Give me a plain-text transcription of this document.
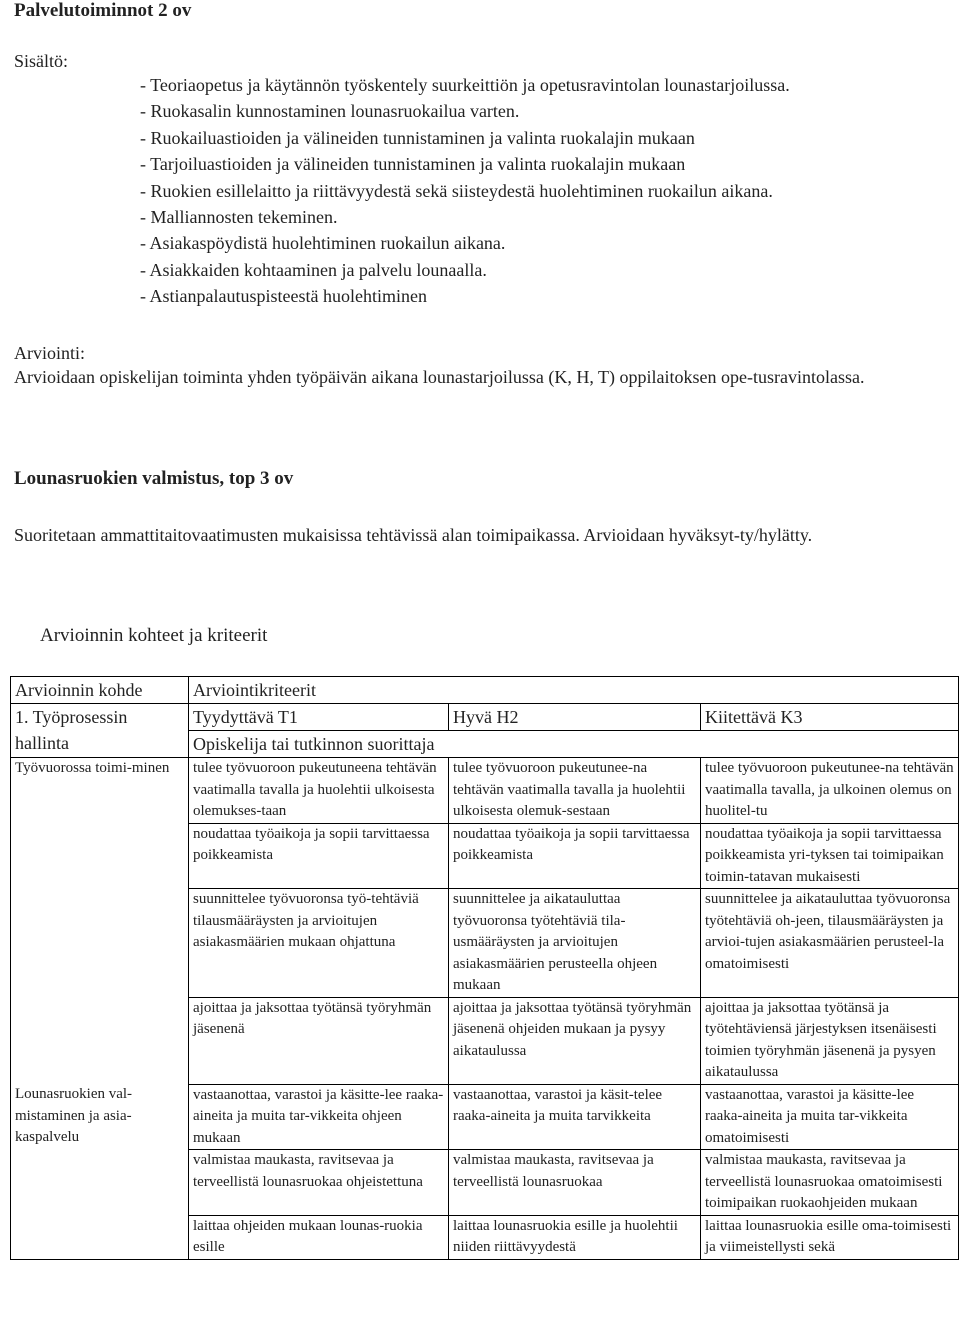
Palvelutoiminnot 2 ov
Sisältö:
- Teoriaopetus ja käytännön työskentely suurkeittiön ja opetusravintolan lounastarjoilussa.
- Ruokasalin kunnostaminen lounasruokailua varten.
- Ruokailuastioiden ja välineiden tunnistaminen ja valinta ruokalajin mukaan
- Tarjoiluastioiden ja välineiden tunnistaminen ja valinta ruokalajin mukaan
- Ruokien esillelaitto ja riittävyydestä sekä siisteydestä huolehtiminen ruokailun aikana.
- Malliannosten tekeminen.
- Asiakaspöydistä huolehtiminen ruokailun aikana.
- Asiakkaiden kohtaaminen ja palvelu lounaalla.
- Astianpalautuspisteestä huolehtiminen
Arviointi:
Arvioidaan opiskelijan toiminta yhden työpäivän aikana lounastarjoilussa (K, H, T) oppilaitoksen ope-tusravintolassa.
Lounasruokien valmistus, top 3 ov
Suoritetaan ammattitaitovaatimusten mukaisissa tehtävissä alan toimipaikassa. Arvioidaan hyväksyt-ty/hylätty.
Arvioinnin kohteet ja kriteerit
Arvioinnin kohde	Arviointikriteerit		
1. Työprosessin hallinta	Tyydyttävä T1	Hyvä H2	Kiitettävä K3
	Opiskelija tai tutkinnon suorittaja		
Työvuorossa toimi-minen	tulee työvuoroon pukeutuneena tehtävän vaatimalla tavalla ja huolehtii ulkoisesta olemukses-taan	tulee työvuoroon pukeutunee-na tehtävän vaatimalla tavalla ja huolehtii ulkoisesta olemuk-sestaan	tulee työvuoroon pukeutunee-na tehtävän vaatimalla tavalla, ja ulkoinen olemus on huolitel-tu
	noudattaa työaikoja ja sopii tarvittaessa poikkeamista	noudattaa työaikoja ja sopii tarvittaessa poikkeamista	noudattaa työaikoja ja sopii tarvittaessa poikkeamista yri-tyksen tai toimipaikan toimin-tatavan mukaisesti
	suunnittelee työvuoronsa työ-tehtäviä tilausmääräysten ja arvioitujen asiakasmäärien mukaan ohjattuna	suunnittelee ja aikatauluttaa työvuoronsa työtehtäviä tila-usmääräysten ja arvioitujen asiakasmäärien perusteella ohjeen mukaan	suunnittelee ja aikatauluttaa työvuoronsa työtehtäviä oh-jeen, tilausmääräysten ja arvioi-tujen asiakasmäärien perusteel-la omatoimisesti
	ajoittaa ja jaksottaa työtänsä työryhmän jäsenenä	ajoittaa ja jaksottaa työtänsä työryhmän jäsenenä ohjeiden mukaan ja pysyy aikataulussa	ajoittaa ja jaksottaa työtänsä ja työtehtäviensä järjestyksen itsenäisesti toimien työryhmän jäsenenä ja pysyen aikataulussa
Lounasruokien val-mistaminen ja asia-kaspalvelu	vastaanottaa, varastoi ja käsitte-lee raaka-aineita ja muita tar-vikkeita ohjeen mukaan	vastaanottaa, varastoi ja käsit-telee raaka-aineita ja muita tarvikkeita	vastaanottaa, varastoi ja käsitte-lee raaka-aineita ja muita tar-vikkeita omatoimisesti
	valmistaa maukasta, ravitsevaa ja terveellistä lounasruokaa ohjeistettuna	valmistaa maukasta, ravitsevaa ja terveellistä lounasruokaa	valmistaa maukasta, ravitsevaa ja terveellistä lounasruokaa omatoimisesti toimipaikan ruokaohjeiden mukaan
	laittaa ohjeiden mukaan lounas-ruokia esille	laittaa lounasruokia esille ja huolehtii niiden riittävyydestä	laittaa lounasruokia esille oma-toimisesti ja viimeistellysti sekä
